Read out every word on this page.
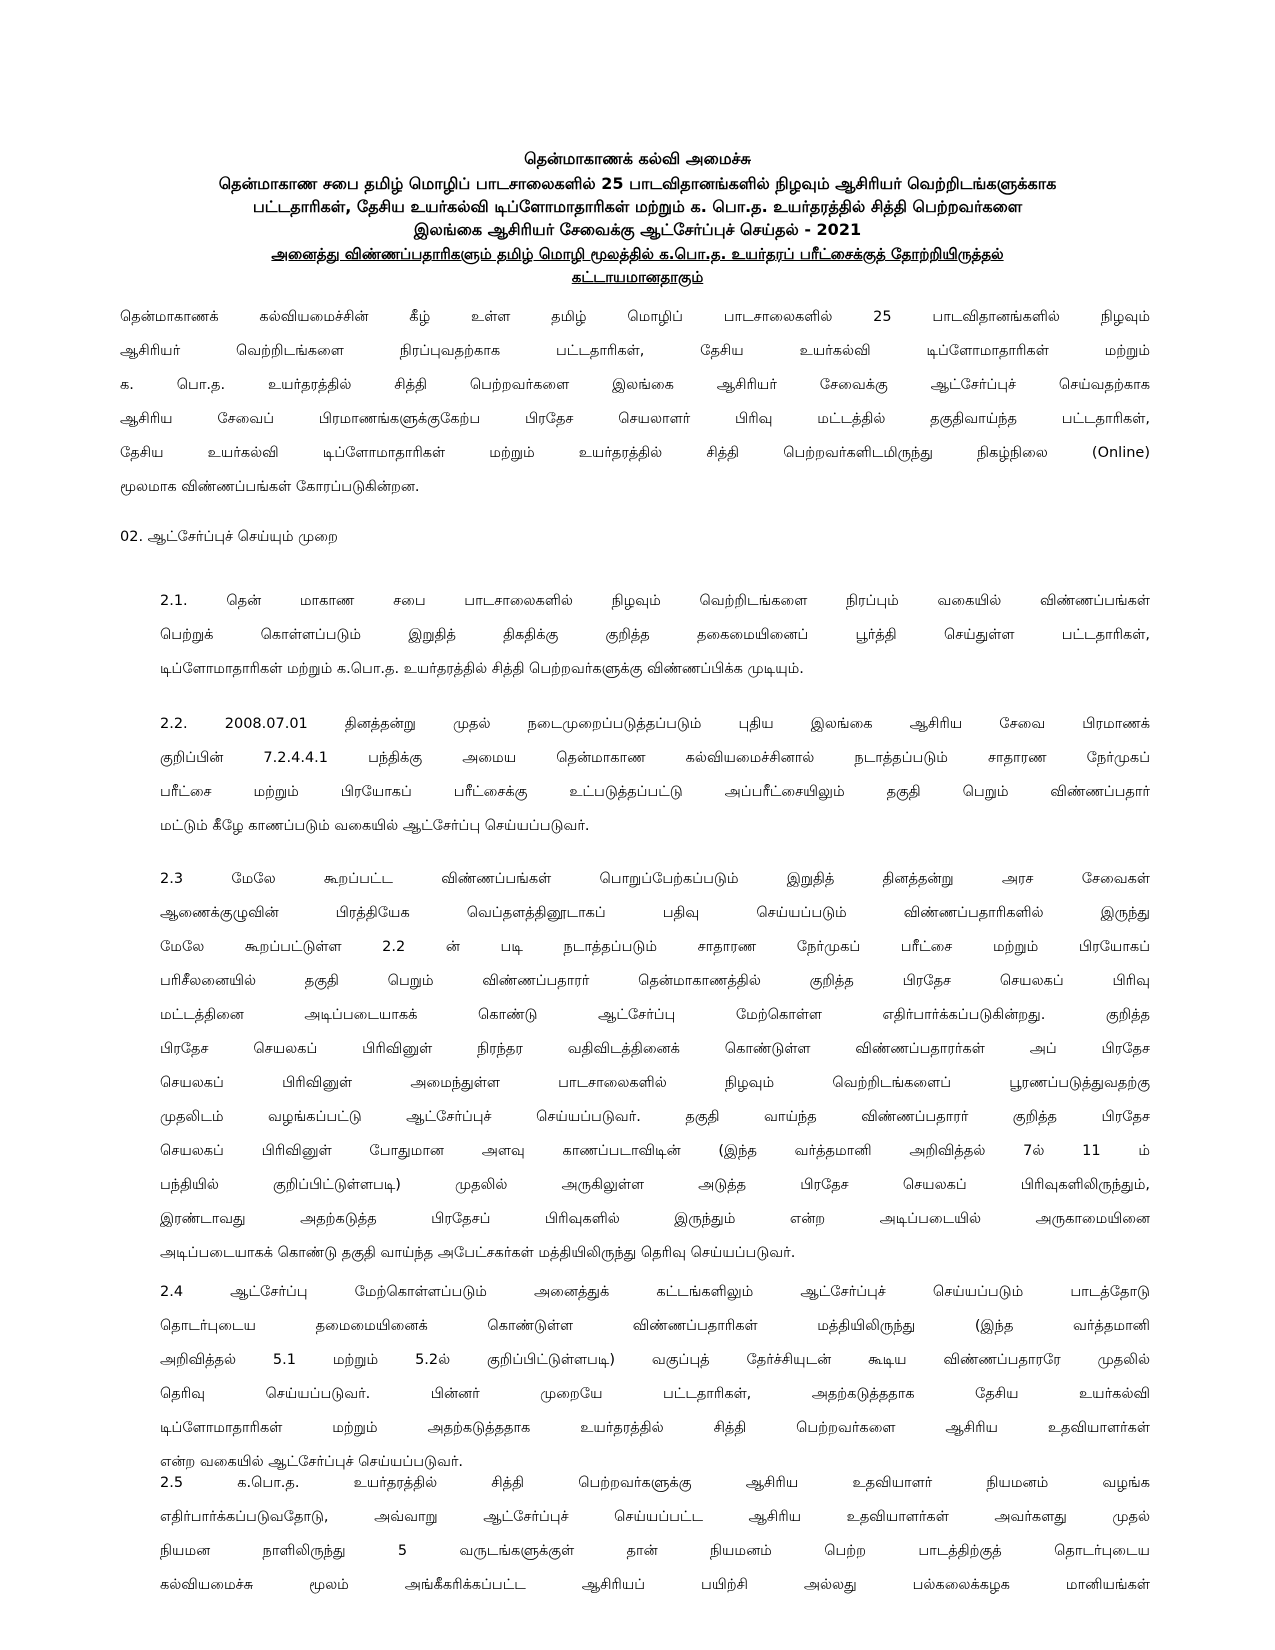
தென்மாகாணக் கல்வி அமைச்சு
தென்மாகாண சபை தமிழ் மொழிப் பாடசாலைகளில் 25 பாடவிதானங்களில் நிழவும் ஆசிரியர் வெற்றிடங்களுக்காக
பட்டதாரிகள், தேசிய உயர்கல்வி டிப்ளோமாதாரிகள் மற்றும் க. பொ.த. உயர்தரத்தில் சித்தி பெற்றவர்களை
இலங்கை ஆசிரியர் சேவைக்கு ஆட்சேர்ப்புச் செய்தல் - 2021
அனைத்து விண்ணப்பதாரிகளும் தமிழ் மொழி மூலத்தில் க.பொ.த. உயர்தரப் பரீட்சைக்குத் தோற்றியிருத்தல்
கட்டாயமானதாகும்
தென்மாகாணக் கல்வியமைச்சின் கீழ் உள்ள தமிழ் மொழிப் பாடசாலைகளில் 25 பாடவிதானங்களில் நிழவும்
ஆசிரியர் வெற்றிடங்களை நிரப்புவதற்காக பட்டதாரிகள், தேசிய உயர்கல்வி டிப்ளோமாதாரிகள் மற்றும்
க. பொ.த. உயர்தரத்தில் சித்தி பெற்றவர்களை இலங்கை ஆசிரியர் சேவைக்கு ஆட்சேர்ப்புச் செய்வதற்காக
ஆசிரிய சேவைப் பிரமாணங்களுக்குகேற்ப பிரதேச செயலாளர் பிரிவு மட்டத்தில் தகுதிவாய்ந்த பட்டதாரிகள்,
தேசிய உயர்கல்வி டிப்ளோமாதாரிகள் மற்றும் உயர்தரத்தில் சித்தி பெற்றவர்களிடமிருந்து நிகழ்நிலை (Online)
மூலமாக விண்ணப்பங்கள் கோரப்படுகின்றன.
02. ஆட்சேர்ப்புச் செய்யும் முறை
2.1. தென் மாகாண சபை பாடசாலைகளில் நிழவும் வெற்றிடங்களை நிரப்பும் வகையில் விண்ணப்பங்கள்
பெற்றுக் கொள்ளப்படும் இறுதித் திகதிக்கு குறித்த தகைமையினைப் பூர்த்தி செய்துள்ள பட்டதாரிகள்,
டிப்ளோமாதாரிகள் மற்றும் க.பொ.த. உயர்தரத்தில் சித்தி பெற்றவர்களுக்கு விண்ணப்பிக்க முடியும்.
2.2. 2008.07.01 தினத்தன்று முதல் நடைமுறைப்படுத்தப்படும் புதிய இலங்கை ஆசிரிய சேவை பிரமாணக்
குறிப்பின் 7.2.4.4.1 பந்திக்கு அமைய தென்மாகாண கல்வியமைச்சினால் நடாத்தப்படும் சாதாரண நேர்முகப்
பரீட்சை மற்றும் பிரயோகப் பரீட்சைக்கு உட்படுத்தப்பட்டு அப்பரீட்சையிலும் தகுதி பெறும் விண்ணப்பதார்
மட்டும் கீழே காணப்படும் வகையில் ஆட்சேர்ப்பு செய்யப்படுவர்.
2.3 மேலே கூறப்பட்ட விண்ணப்பங்கள் பொறுப்பேற்கப்படும் இறுதித் தினத்தன்று அரச சேவைகள்
ஆணைக்குழுவின் பிரத்தியேக வெப்தளத்தினூடாகப் பதிவு செய்யப்படும் விண்ணப்பதாரிகளில் இருந்து
மேலே கூறப்பட்டுள்ள 2.2 ன் படி நடாத்தப்படும் சாதாரண நேர்முகப் பரீட்சை மற்றும் பிரயோகப்
பரிசீலனையில் தகுதி பெறும் விண்ணப்பதாரர் தென்மாகாணத்தில் குறித்த பிரதேச செயலகப் பிரிவு
மட்டத்தினை அடிப்படையாகக் கொண்டு ஆட்சேர்ப்பு மேற்கொள்ள எதிர்பார்க்கப்படுகின்றது. குறித்த
பிரதேச செயலகப் பிரிவினுள் நிரந்தர வதிவிடத்தினைக் கொண்டுள்ள விண்ணப்பதாரர்கள் அப் பிரதேச
செயலகப் பிரிவினுள் அமைந்துள்ள பாடசாலைகளில் நிழவும் வெற்றிடங்களைப் பூரணப்படுத்துவதற்கு
முதலிடம் வழங்கப்பட்டு ஆட்சேர்ப்புச் செய்யப்படுவர். தகுதி வாய்ந்த விண்ணப்பதாரர் குறித்த பிரதேச
செயலகப் பிரிவினுள் போதுமான அளவு காணப்படாவிடின் (இந்த வர்த்தமானி அறிவித்தல் 7ல் 11 ம்
பந்தியில் குறிப்பிட்டுள்ளபடி) முதலில் அருகிலுள்ள அடுத்த பிரதேச செயலகப் பிரிவுகளிலிருந்தும்,
இரண்டாவது அதற்கடுத்த பிரதேசப் பிரிவுகளில் இருந்தும் என்ற அடிப்படையில் அருகாமையினை
அடிப்படையாகக் கொண்டு தகுதி வாய்ந்த அபேட்சகர்கள் மத்தியிலிருந்து தெரிவு செய்யப்படுவர்.
2.4 ஆட்சேர்ப்பு மேற்கொள்ளப்படும் அனைத்துக் கட்டங்களிலும் ஆட்சேர்ப்புச் செய்யப்படும் பாடத்தோடு
தொடர்புடைய தமைமையினைக் கொண்டுள்ள விண்ணப்பதாரிகள் மத்தியிலிருந்து (இந்த வர்த்தமானி
அறிவித்தல் 5.1 மற்றும் 5.2ல் குறிப்பிட்டுள்ளபடி) வகுப்புத் தேர்ச்சியுடன் கூடிய விண்ணப்பதாரரே முதலில்
தெரிவு செய்யப்படுவர். பின்னர் முறையே பட்டதாரிகள், அதற்கடுத்ததாக தேசிய உயர்கல்வி
டிப்ளோமாதாரிகள் மற்றும் அதற்கடுத்ததாக உயர்தரத்தில் சித்தி பெற்றவர்களை ஆசிரிய உதவியாளர்கள்
என்ற வகையில் ஆட்சேர்ப்புச் செய்யப்படுவர்.
2.5 க.பொ.த. உயர்தரத்தில் சித்தி பெற்றவர்களுக்கு ஆசிரிய உதவியாளர் நியமனம் வழங்க
எதிர்பார்க்கப்படுவதோடு, அவ்வாறு ஆட்சேர்ப்புச் செய்யப்பட்ட ஆசிரிய உதவியாளர்கள் அவர்களது முதல்
நியமன நாளிலிருந்து 5 வருடங்களுக்குள் தான் நியமனம் பெற்ற பாடத்திற்குத் தொடர்புடைய
கல்வியமைச்சு மூலம் அங்கீகரிக்கப்பட்ட ஆசிரியப் பயிற்சி அல்லது பல்கலைக்கழக மானியங்கள்
